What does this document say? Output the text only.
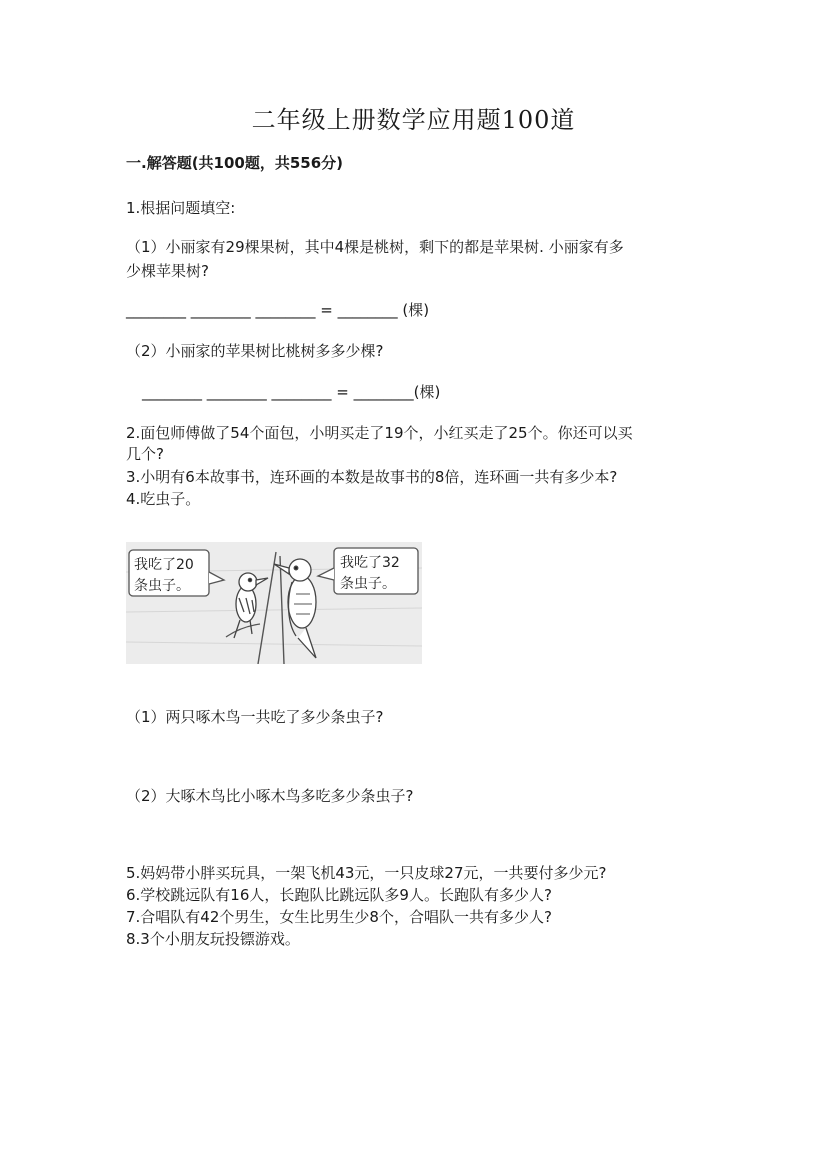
二年级上册数学应用题100道
一.解答题(共100题，共556分)
1.根据问题填空:
（1）小丽家有29棵果树，其中4棵是桃树，剩下的都是苹果树. 小丽家有多
少棵苹果树?
________ ________ ________ = ________ (棵)
（2）小丽家的苹果树比桃树多多少棵?
________ ________ ________ = ________(棵)
2.面包师傅做了54个面包，小明买走了19个，小红买走了25个。你还可以买
几个?
3.小明有6本故事书，连环画的本数是故事书的8倍，连环画一共有多少本?
4.吃虫子。
我吃了20
条虫子。
我吃了32
条虫子。
（1）两只啄木鸟一共吃了多少条虫子?
（2）大啄木鸟比小啄木鸟多吃多少条虫子?
5.妈妈带小胖买玩具，一架飞机43元，一只皮球27元，一共要付多少元?
6.学校跳远队有16人，长跑队比跳远队多9人。长跑队有多少人?
7.合唱队有42个男生，女生比男生少8个，合唱队一共有多少人?
8.3个小朋友玩投镖游戏。
